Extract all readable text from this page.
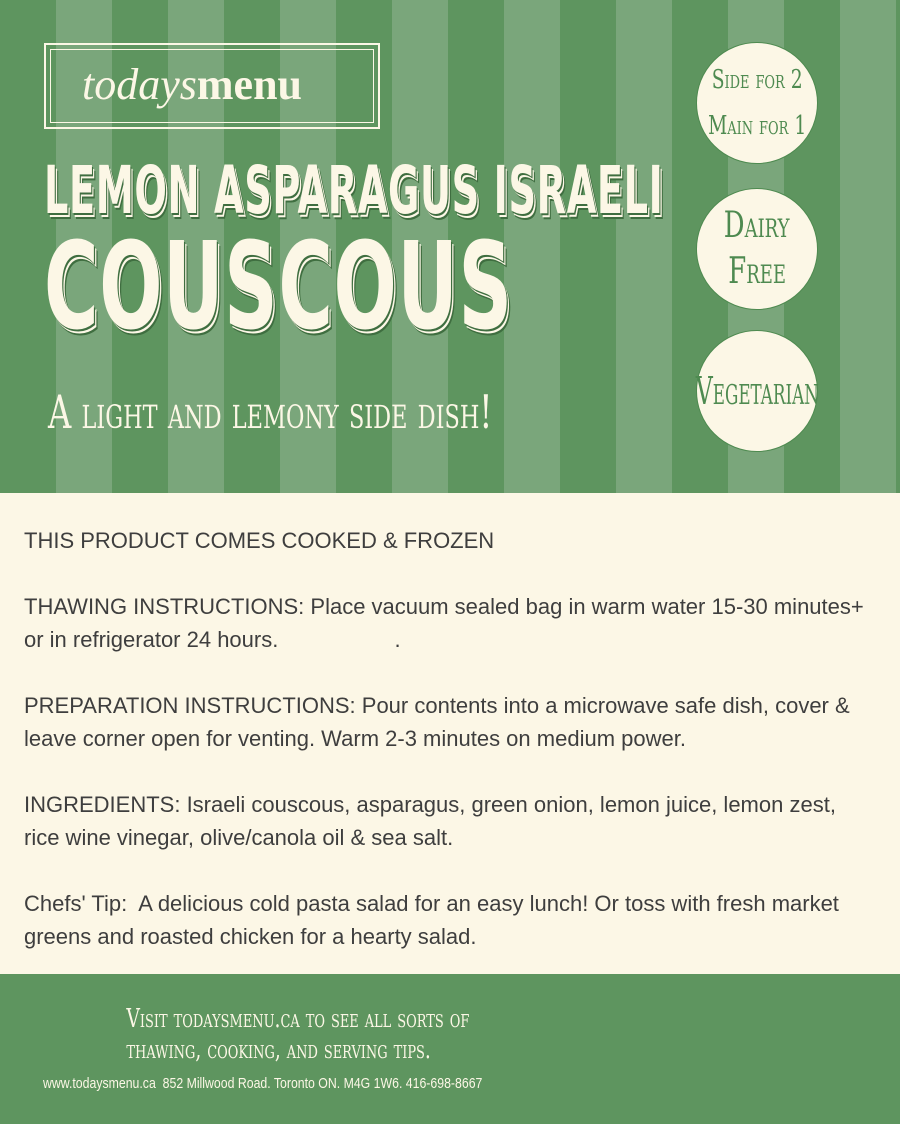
todaysmenu
LEMON ASPARAGUS ISRAELI
COUSCOUS

A light and lemony side dish!

Side for 2
Main for 1
Dairy
Free
Vegetarian

THIS PRODUCT COMES COOKED & FROZEN

THAWING INSTRUCTIONS: Place vacuum sealed bag in warm water 15-30 minutes+ or in refrigerator 24 hours.                   .

PREPARATION INSTRUCTIONS: Pour contents into a microwave safe dish, cover & leave corner open for venting. Warm 2-3 minutes on medium power.

INGREDIENTS: Israeli couscous, asparagus, green onion, lemon juice, lemon zest, rice wine vinegar, olive/canola oil & sea salt.

Chefs' Tip:  A delicious cold pasta salad for an easy lunch! Or toss with fresh market greens and roasted chicken for a hearty salad.

Visit todaysmenu.ca to see all sorts of
thawing, cooking, and serving tips.

www.todaysmenu.ca  852 Millwood Road. Toronto ON. M4G 1W6. 416-698-8667
